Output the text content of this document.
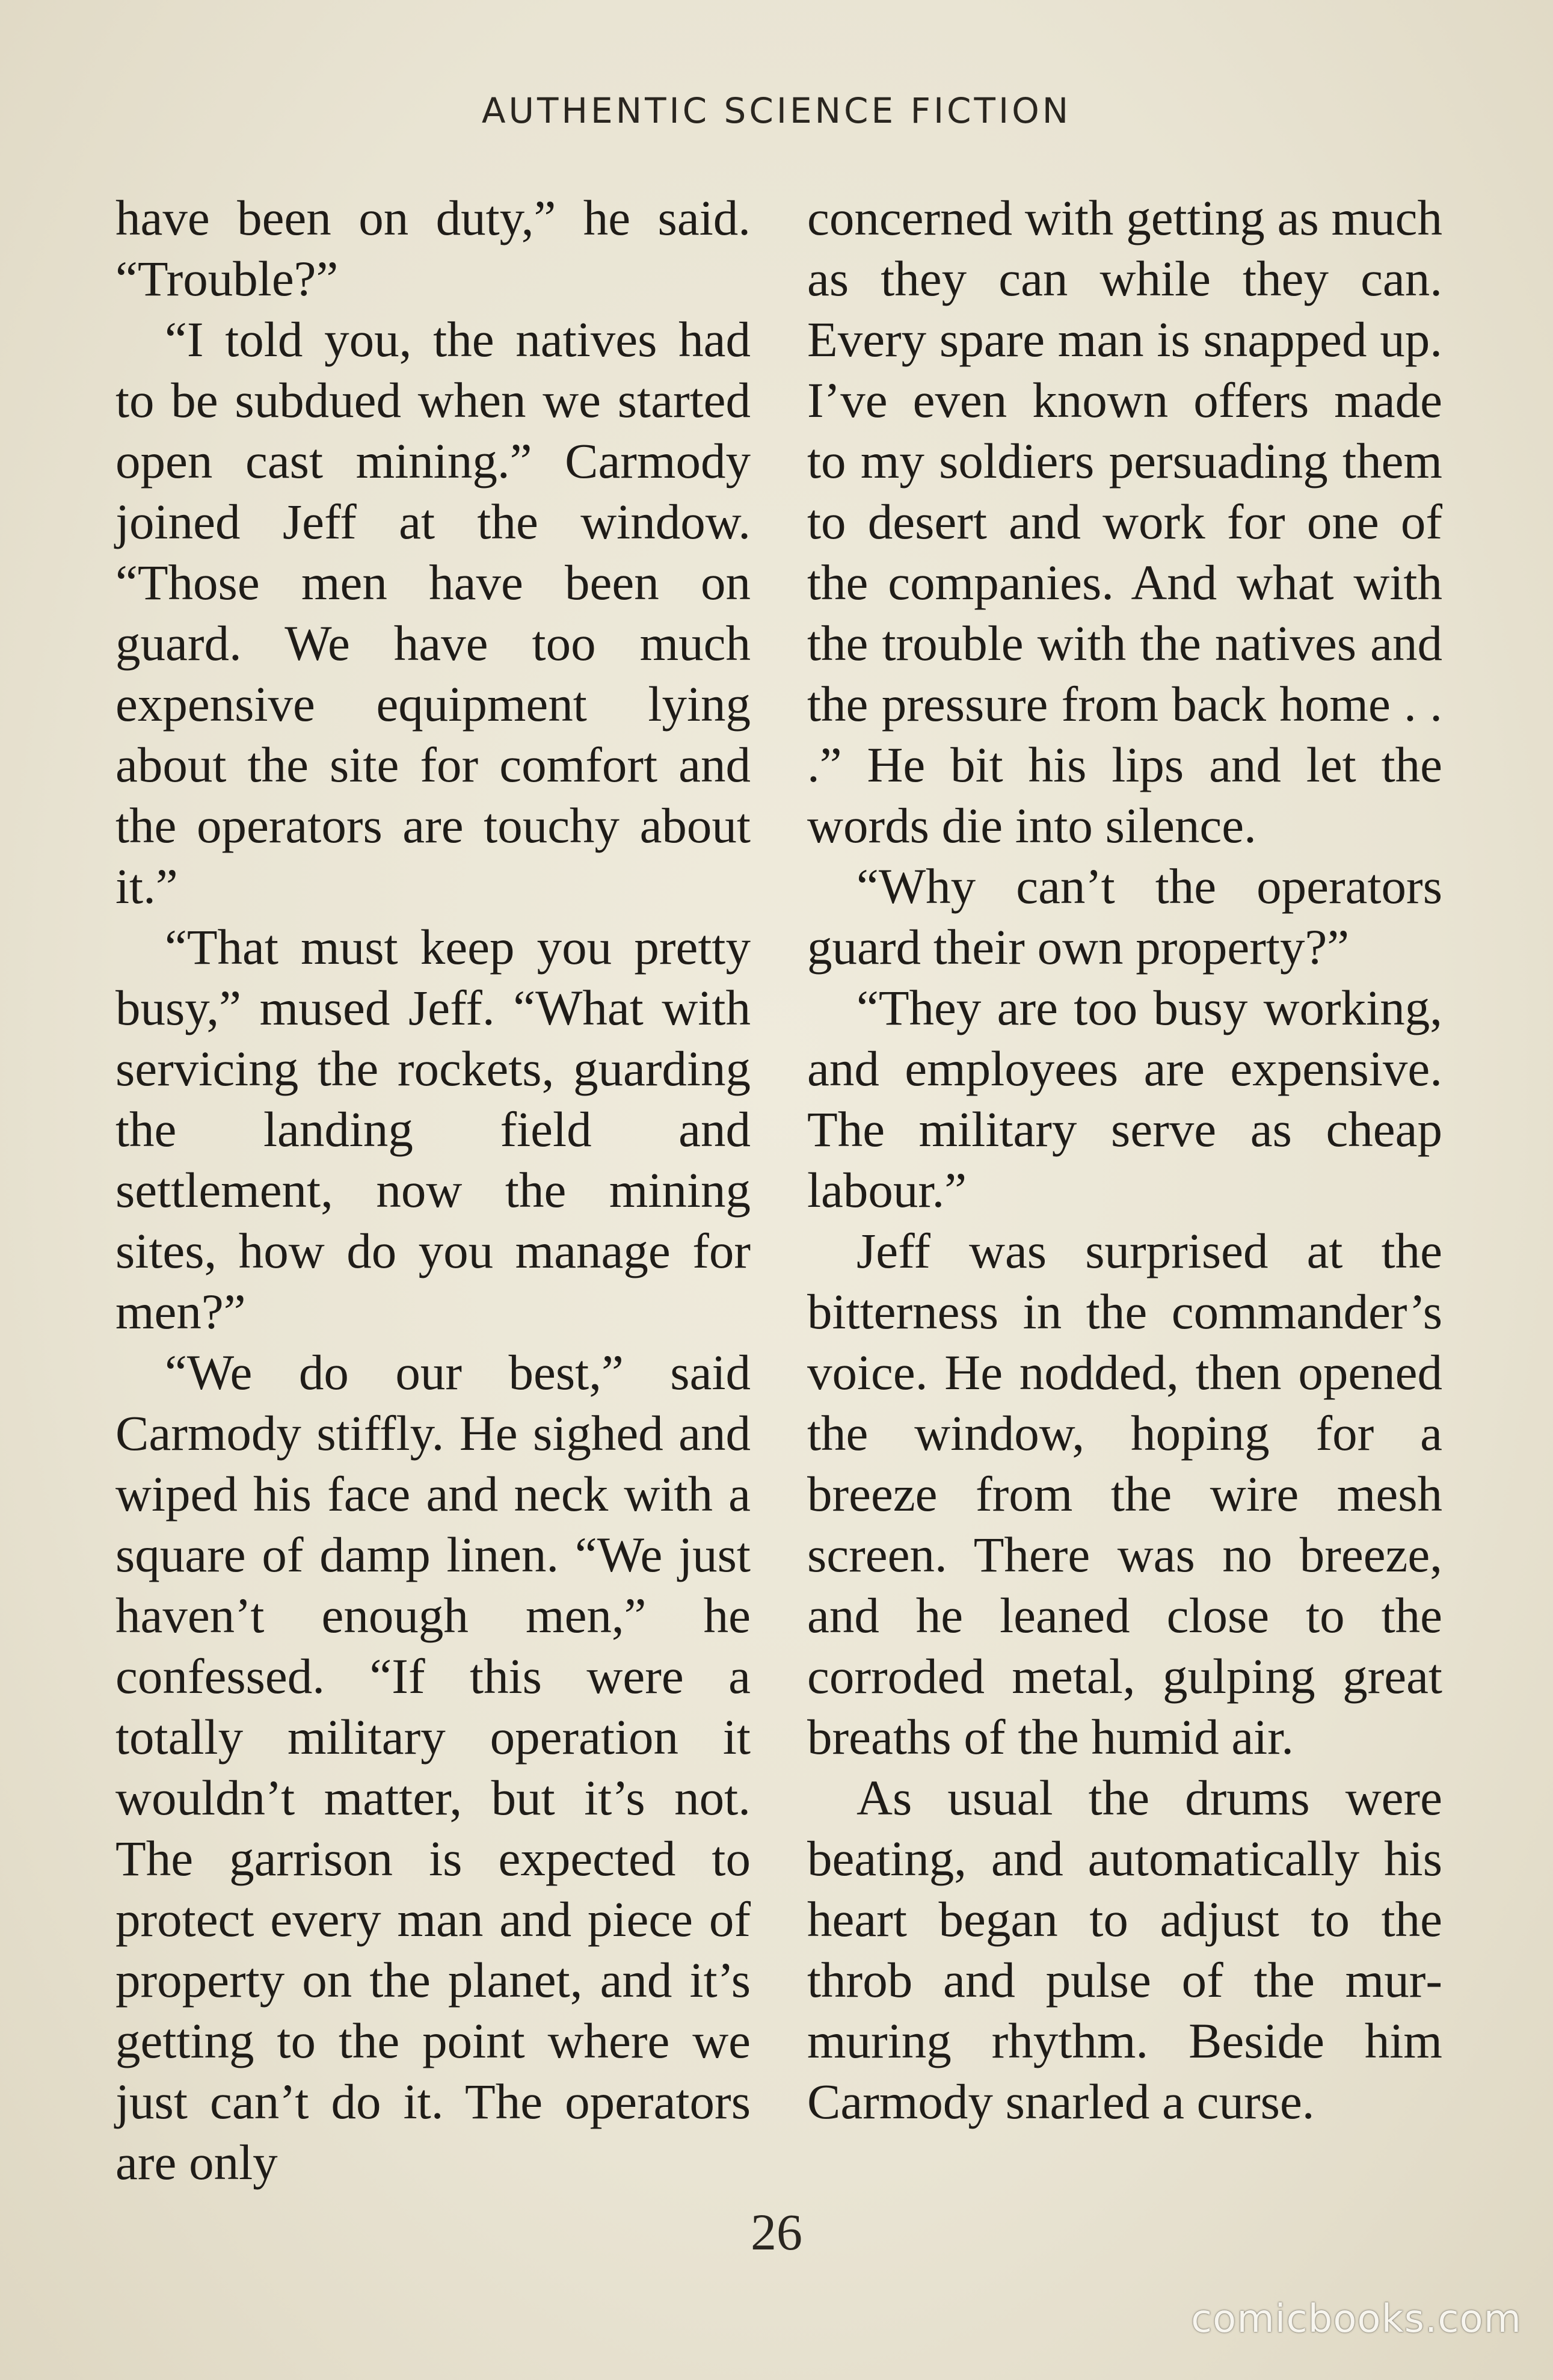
AUTHENTIC SCIENCE FICTION

have been on duty,” he said. “Trouble?”

“I told you, the natives had to be subdued when we started open cast mining.” Carmody joined Jeff at the window. “Those men have been on guard. We have too much expensive equipment lying about the site for comfort and the operators are touchy about it.”

“That must keep you pretty busy,” mused Jeff. “What with servicing the rockets, guarding the landing field and settlement, now the mining sites, how do you manage for men?”

“We do our best,” said Carmody stiffly. He sighed and wiped his face and neck with a square of damp linen. “We just haven’t enough men,” he confessed. “If this were a totally military operation it wouldn’t matter, but it’s not. The garrison is expected to protect every man and piece of property on the planet, and it’s getting to the point where we just can’t do it. The operators are only

concerned with getting as much as they can while they can. Every spare man is snapped up. I’ve even known offers made to my soldiers persuading them to desert and work for one of the companies. And what with the trouble with the natives and the pressure from back home . . .” He bit his lips and let the words die into silence.

“Why can’t the operators guard their own property?”

“They are too busy working, and employees are expensive. The military serve as cheap labour.”

Jeff was surprised at the bitterness in the commander’s voice. He nodded, then opened the window, hoping for a breeze from the wire mesh screen. There was no breeze, and he leaned close to the corroded metal, gulping great breaths of the humid air.

As usual the drums were beating, and automatically his heart began to adjust to the throb and pulse of the murmuring rhythm. Beside him Carmody snarled a curse.

26
comicbooks.com
